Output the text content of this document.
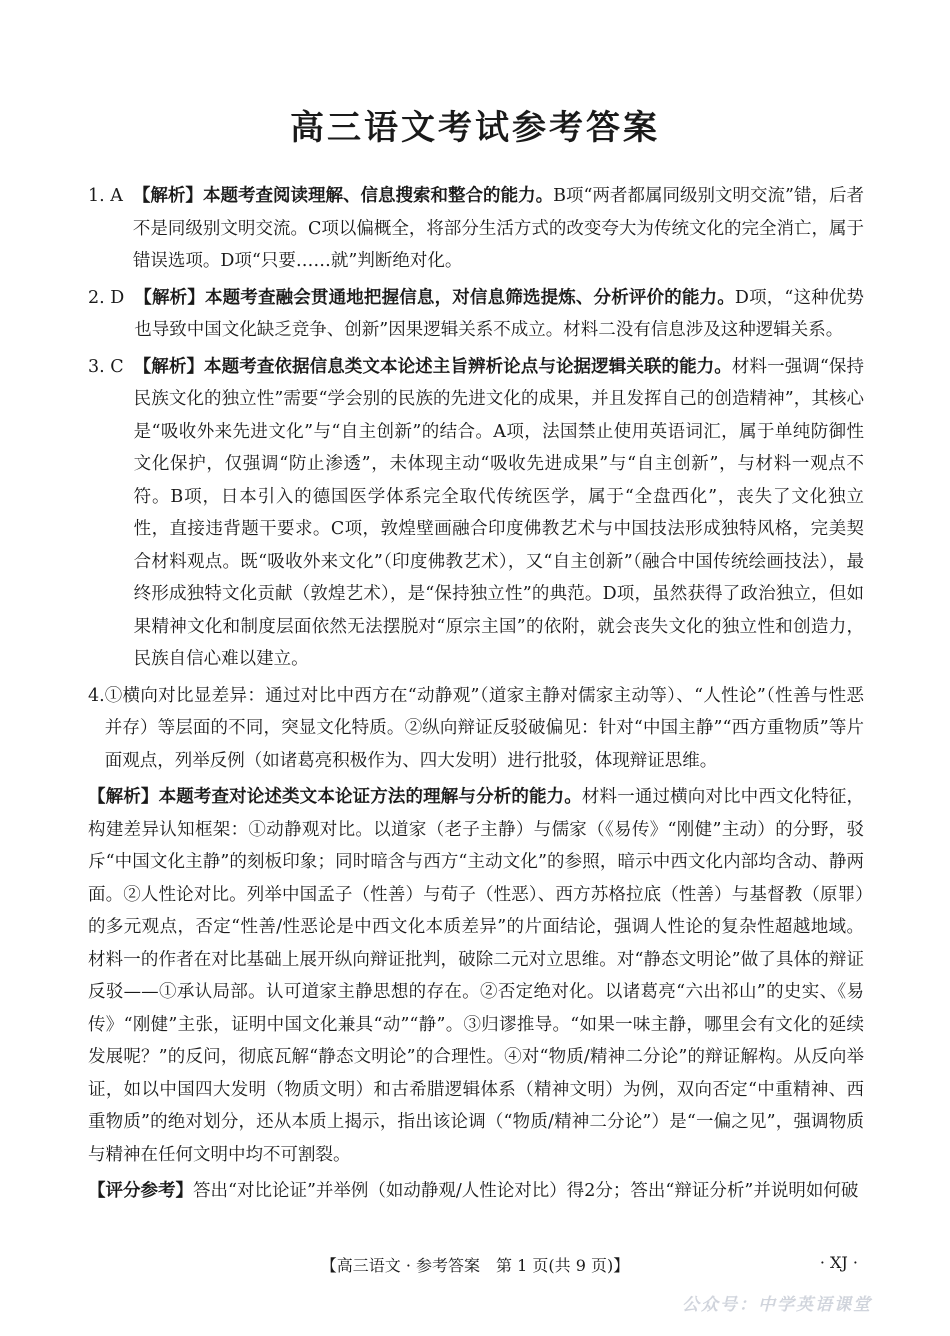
高三语文考试参考答案
1. A 【解析】本题考查阅读理解、信息搜索和整合的能力。B项“两者都属同级别文明交流”错，后者不是同级别文明交流。C项以偏概全，将部分生活方式的改变夸大为传统文化的完全消亡，属于错误选项。D项“只要……就”判断绝对化。
2. D 【解析】本题考查融会贯通地把握信息，对信息筛选提炼、分析评价的能力。D项，“这种优势也导致中国文化缺乏竞争、创新”因果逻辑关系不成立。材料二没有信息涉及这种逻辑关系。
3. C 【解析】本题考查依据信息类文本论述主旨辨析论点与论据逻辑关联的能力。材料一强调“保持民族文化的独立性”需要“学会别的民族的先进文化的成果，并且发挥自己的创造精神”，其核心是“吸收外来先进文化”与“自主创新”的结合。A项，法国禁止使用英语词汇，属于单纯防御性文化保护，仅强调“防止渗透”，未体现主动“吸收先进成果”与“自主创新”，与材料一观点不符。B项，日本引入的德国医学体系完全取代传统医学，属于“全盘西化”，丧失了文化独立性，直接违背题干要求。C项，敦煌壁画融合印度佛教艺术与中国技法形成独特风格，完美契合材料观点。既“吸收外来文化”（印度佛教艺术），又“自主创新”（融合中国传统绘画技法），最终形成独特文化贡献（敦煌艺术），是“保持独立性”的典范。D项，虽然获得了政治独立，但如果精神文化和制度层面依然无法摆脱对“原宗主国”的依附，就会丧失文化的独立性和创造力，民族自信心难以建立。
4. ①横向对比显差异：通过对比中西方在“动静观”（道家主静对儒家主动等）、“人性论”（性善与性恶并存）等层面的不同，突显文化特质。②纵向辩证反驳破偏见：针对“中国主静”“西方重物质”等片面观点，列举反例（如诸葛亮积极作为、四大发明）进行批驳，体现辩证思维。

【解析】本题考查对论述类文本论证方法的理解与分析的能力。材料一通过横向对比中西文化特征，构建差异认知框架：①动静观对比。以道家（老子主静）与儒家（《易传》“刚健”主动）的分野，驳斥“中国文化主静”的刻板印象；同时暗含与西方“主动文化”的参照，暗示中西文化内部均含动、静两面。②人性论对比。列举中国孟子（性善）与荀子（性恶）、西方苏格拉底（性善）与基督教（原罪）的多元观点，否定“性善/性恶论是中西文化本质差异”的片面结论，强调人性论的复杂性超越地域。材料一的作者在对比基础上展开纵向辩证批判，破除二元对立思维。对“静态文明论”做了具体的辩证反驳——①承认局部。认可道家主静思想的存在。②否定绝对化。以诸葛亮“六出祁山”的史实、《易传》“刚健”主张，证明中国文化兼具“动”“静”。③归谬推导。“如果一味主静，哪里会有文化的延续发展呢？”的反问，彻底瓦解“静态文明论”的合理性。④对“物质/精神二分论”的辩证解构。从反向举证，如以中国四大发明（物质文明）和古希腊逻辑体系（精神文明）为例，双向否定“中重精神、西重物质”的绝对划分，还从本质上揭示，指出该论调（“物质/精神二分论”）是“一偏之见”，强调物质与精神在任何文明中均不可割裂。

【评分参考】答出“对比论证”并举例（如动静观/人性论对比）得2分；答出“辩证分析”并说明如何破

【高三语文 · 参考答案　第 1 页(共 9 页)】	· XJ ·
公众号：中学英语课堂
